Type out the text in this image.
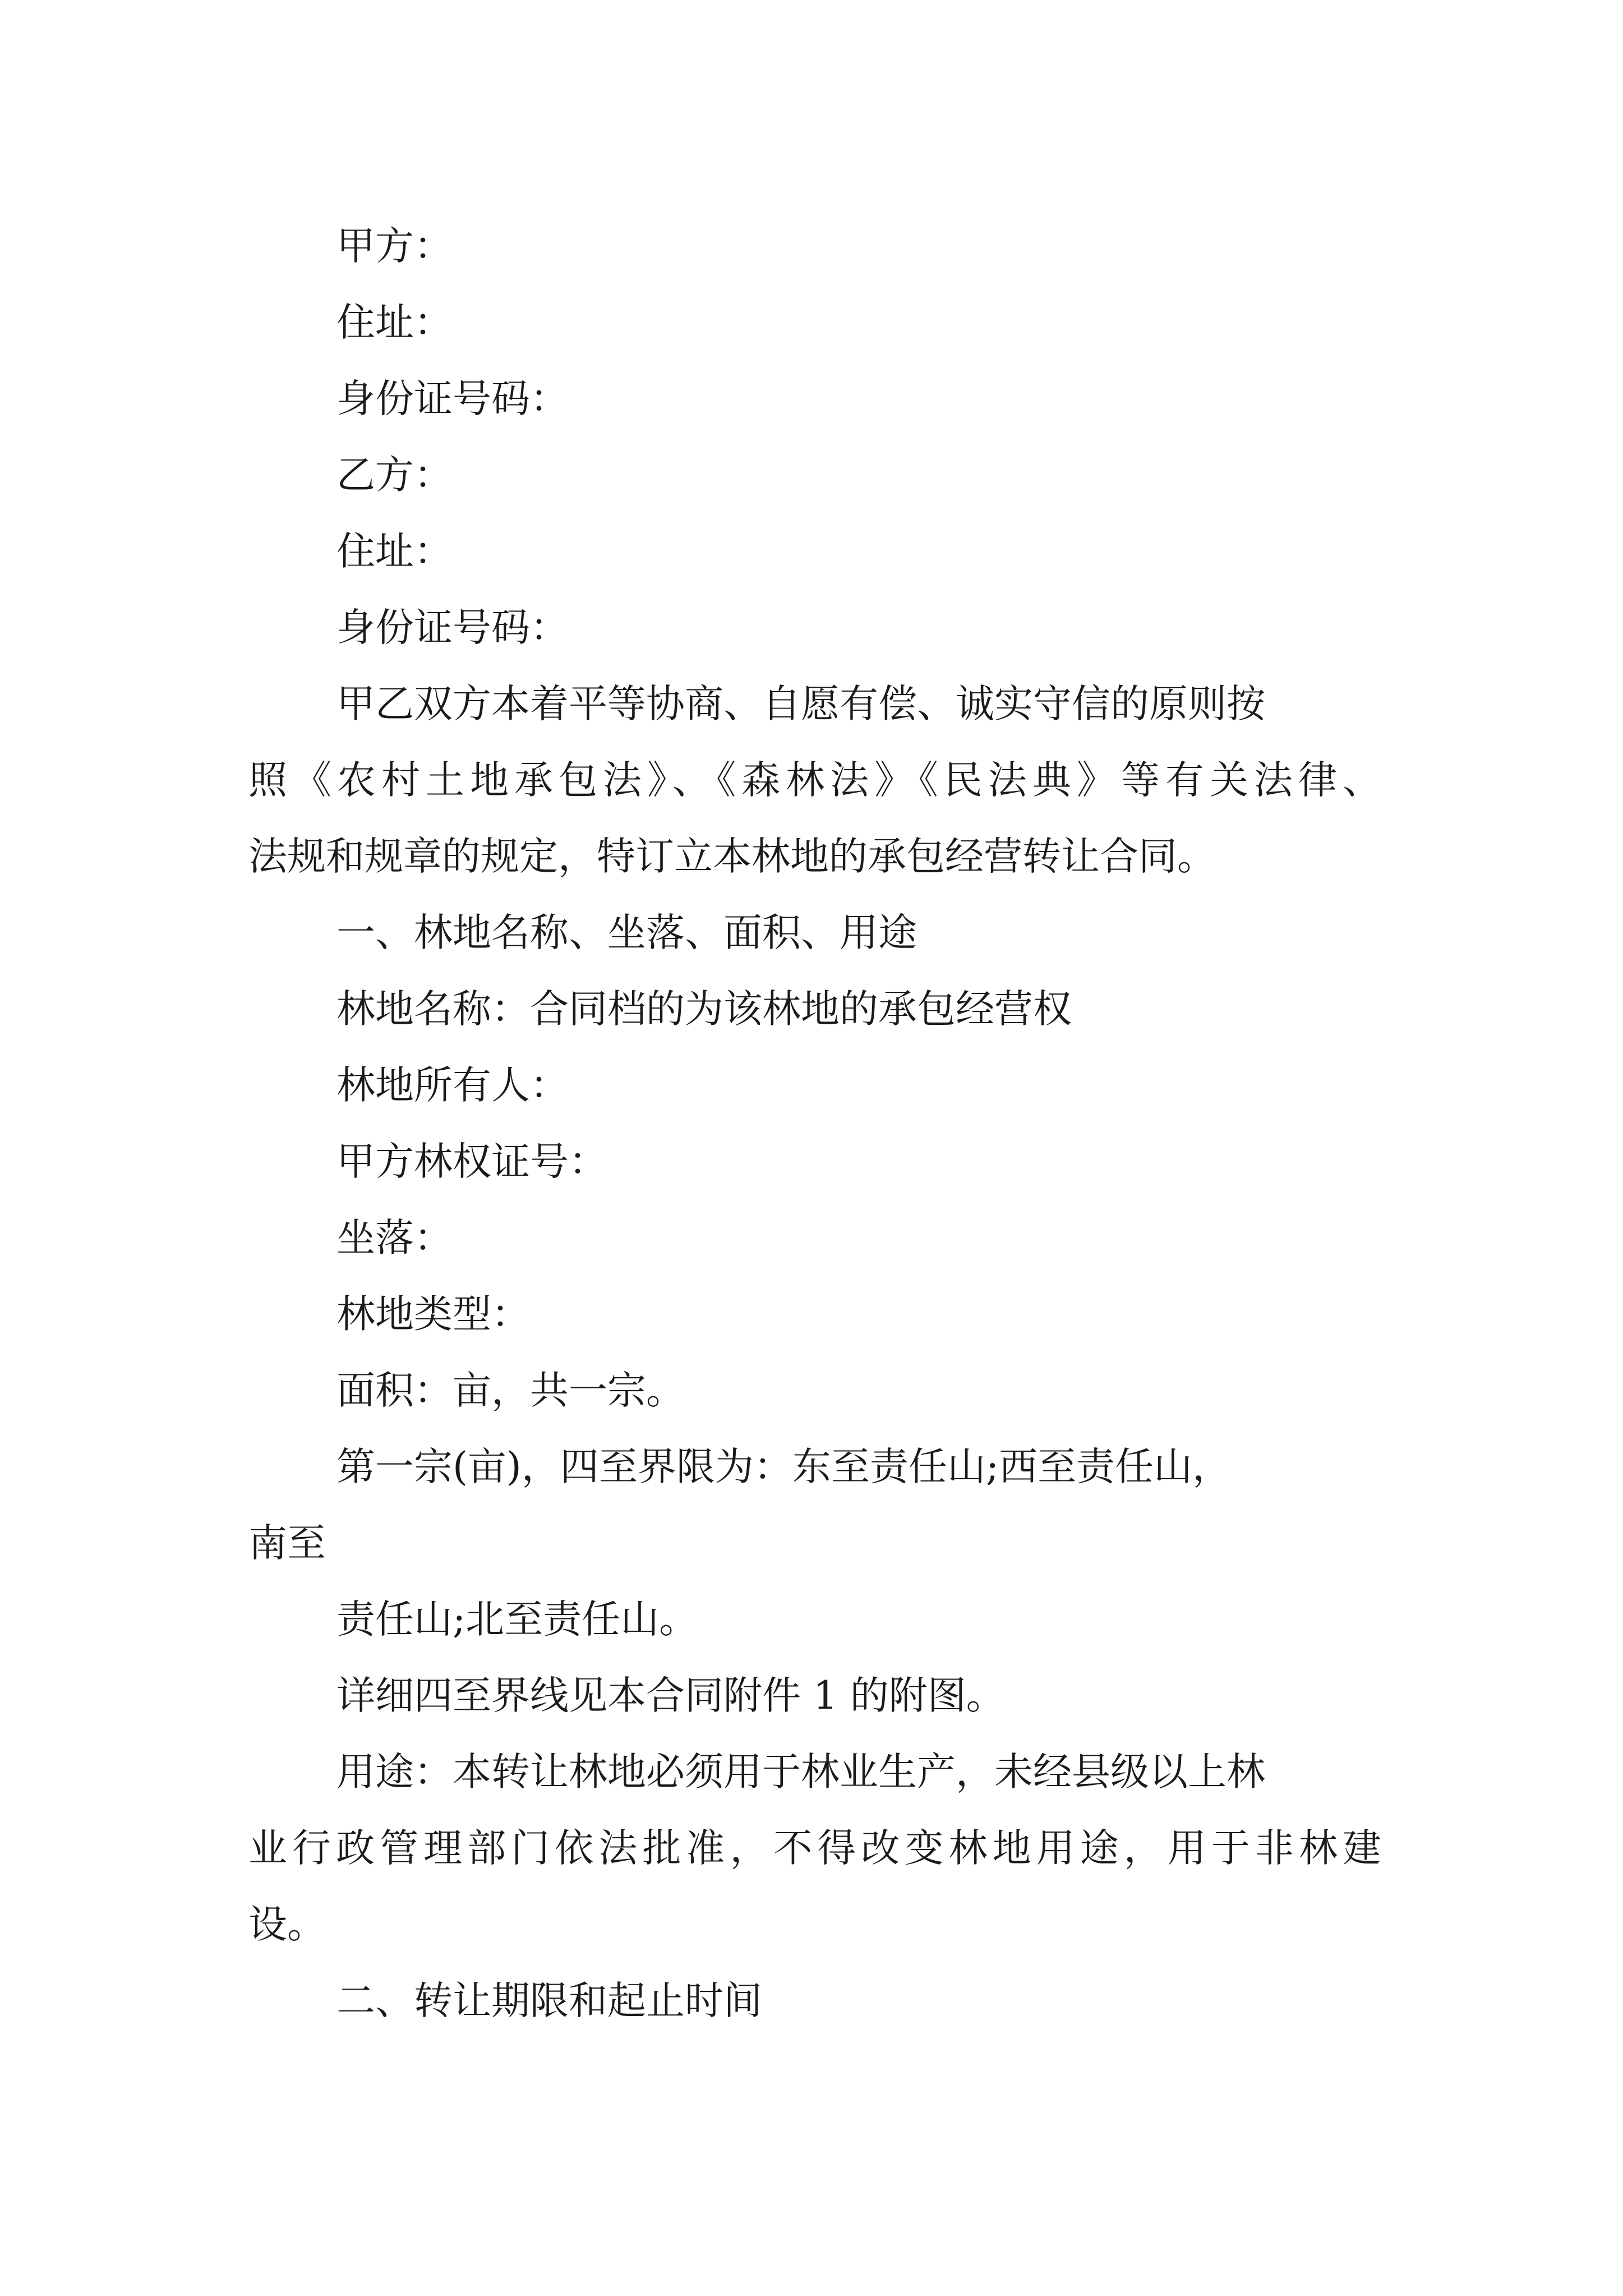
甲方：
住址：
身份证号码：
乙方：
住址：
身份证号码：
甲乙双方本着平等协商、自愿有偿、诚实守信的原则按
照《农村土地承包法》、《森林法》《民法典》等有关法律、
法规和规章的规定，特订立本林地的承包经营转让合同。
一、林地名称、坐落、面积、用途
林地名称：合同档的为该林地的承包经营权
林地所有人：
甲方林权证号：
坐落：
林地类型：
面积：亩，共一宗。
第一宗(亩)，四至界限为：东至责任山;西至责任山，
南至
责任山;北至责任山。
详细四至界线见本合同附件 1 的附图。
用途：本转让林地必须用于林业生产，未经县级以上林
业行政管理部门依法批准，不得改变林地用途，用于非林建
设。
二、转让期限和起止时间
